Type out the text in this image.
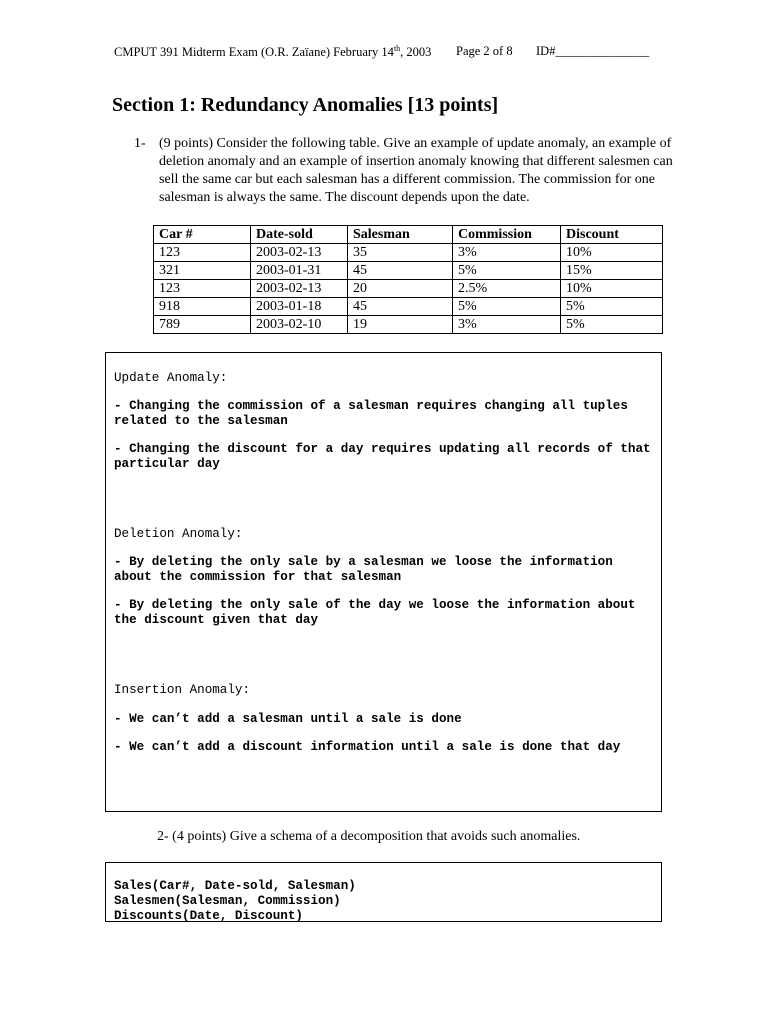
CMPUT 391 Midterm Exam (O.R. Zaïane) February 14th, 2003 Page 2 of 8 ID#_______________
Section 1: Redundancy Anomalies [13 points]
1- (9 points) Consider the following table. Give an example of update anomaly, an example of deletion anomaly and an example of insertion anomaly knowing that different salesmen can sell the same car but each salesman has a different commission. The commission for one salesman is always the same. The discount depends upon the date.
Car #	Date-sold	Salesman	Commission	Discount
123	2003-02-13	35	3%	10%
321	2003-01-31	45	5%	15%
123	2003-02-13	20	2.5%	10%
918	2003-01-18	45	5%	5%
789	2003-02-10	19	3%	5%

Update Anomaly:

- Changing the commission of a salesman requires changing all tuples related to the salesman

- Changing the discount for a day requires updating all records of that particular day

Deletion Anomaly:

- By deleting the only sale by a salesman we loose the information about the commission for that salesman

- By deleting the only sale of the day we loose the information about the discount given that day

Insertion Anomaly:

- We can’t add a salesman until a sale is done

- We can’t add a discount information until a sale is done that day

2- (4 points) Give a schema of a decomposition that avoids such anomalies.

Sales(Car#, Date-sold, Salesman)

Salesmen(Salesman, Commission)

Discounts(Date, Discount)
